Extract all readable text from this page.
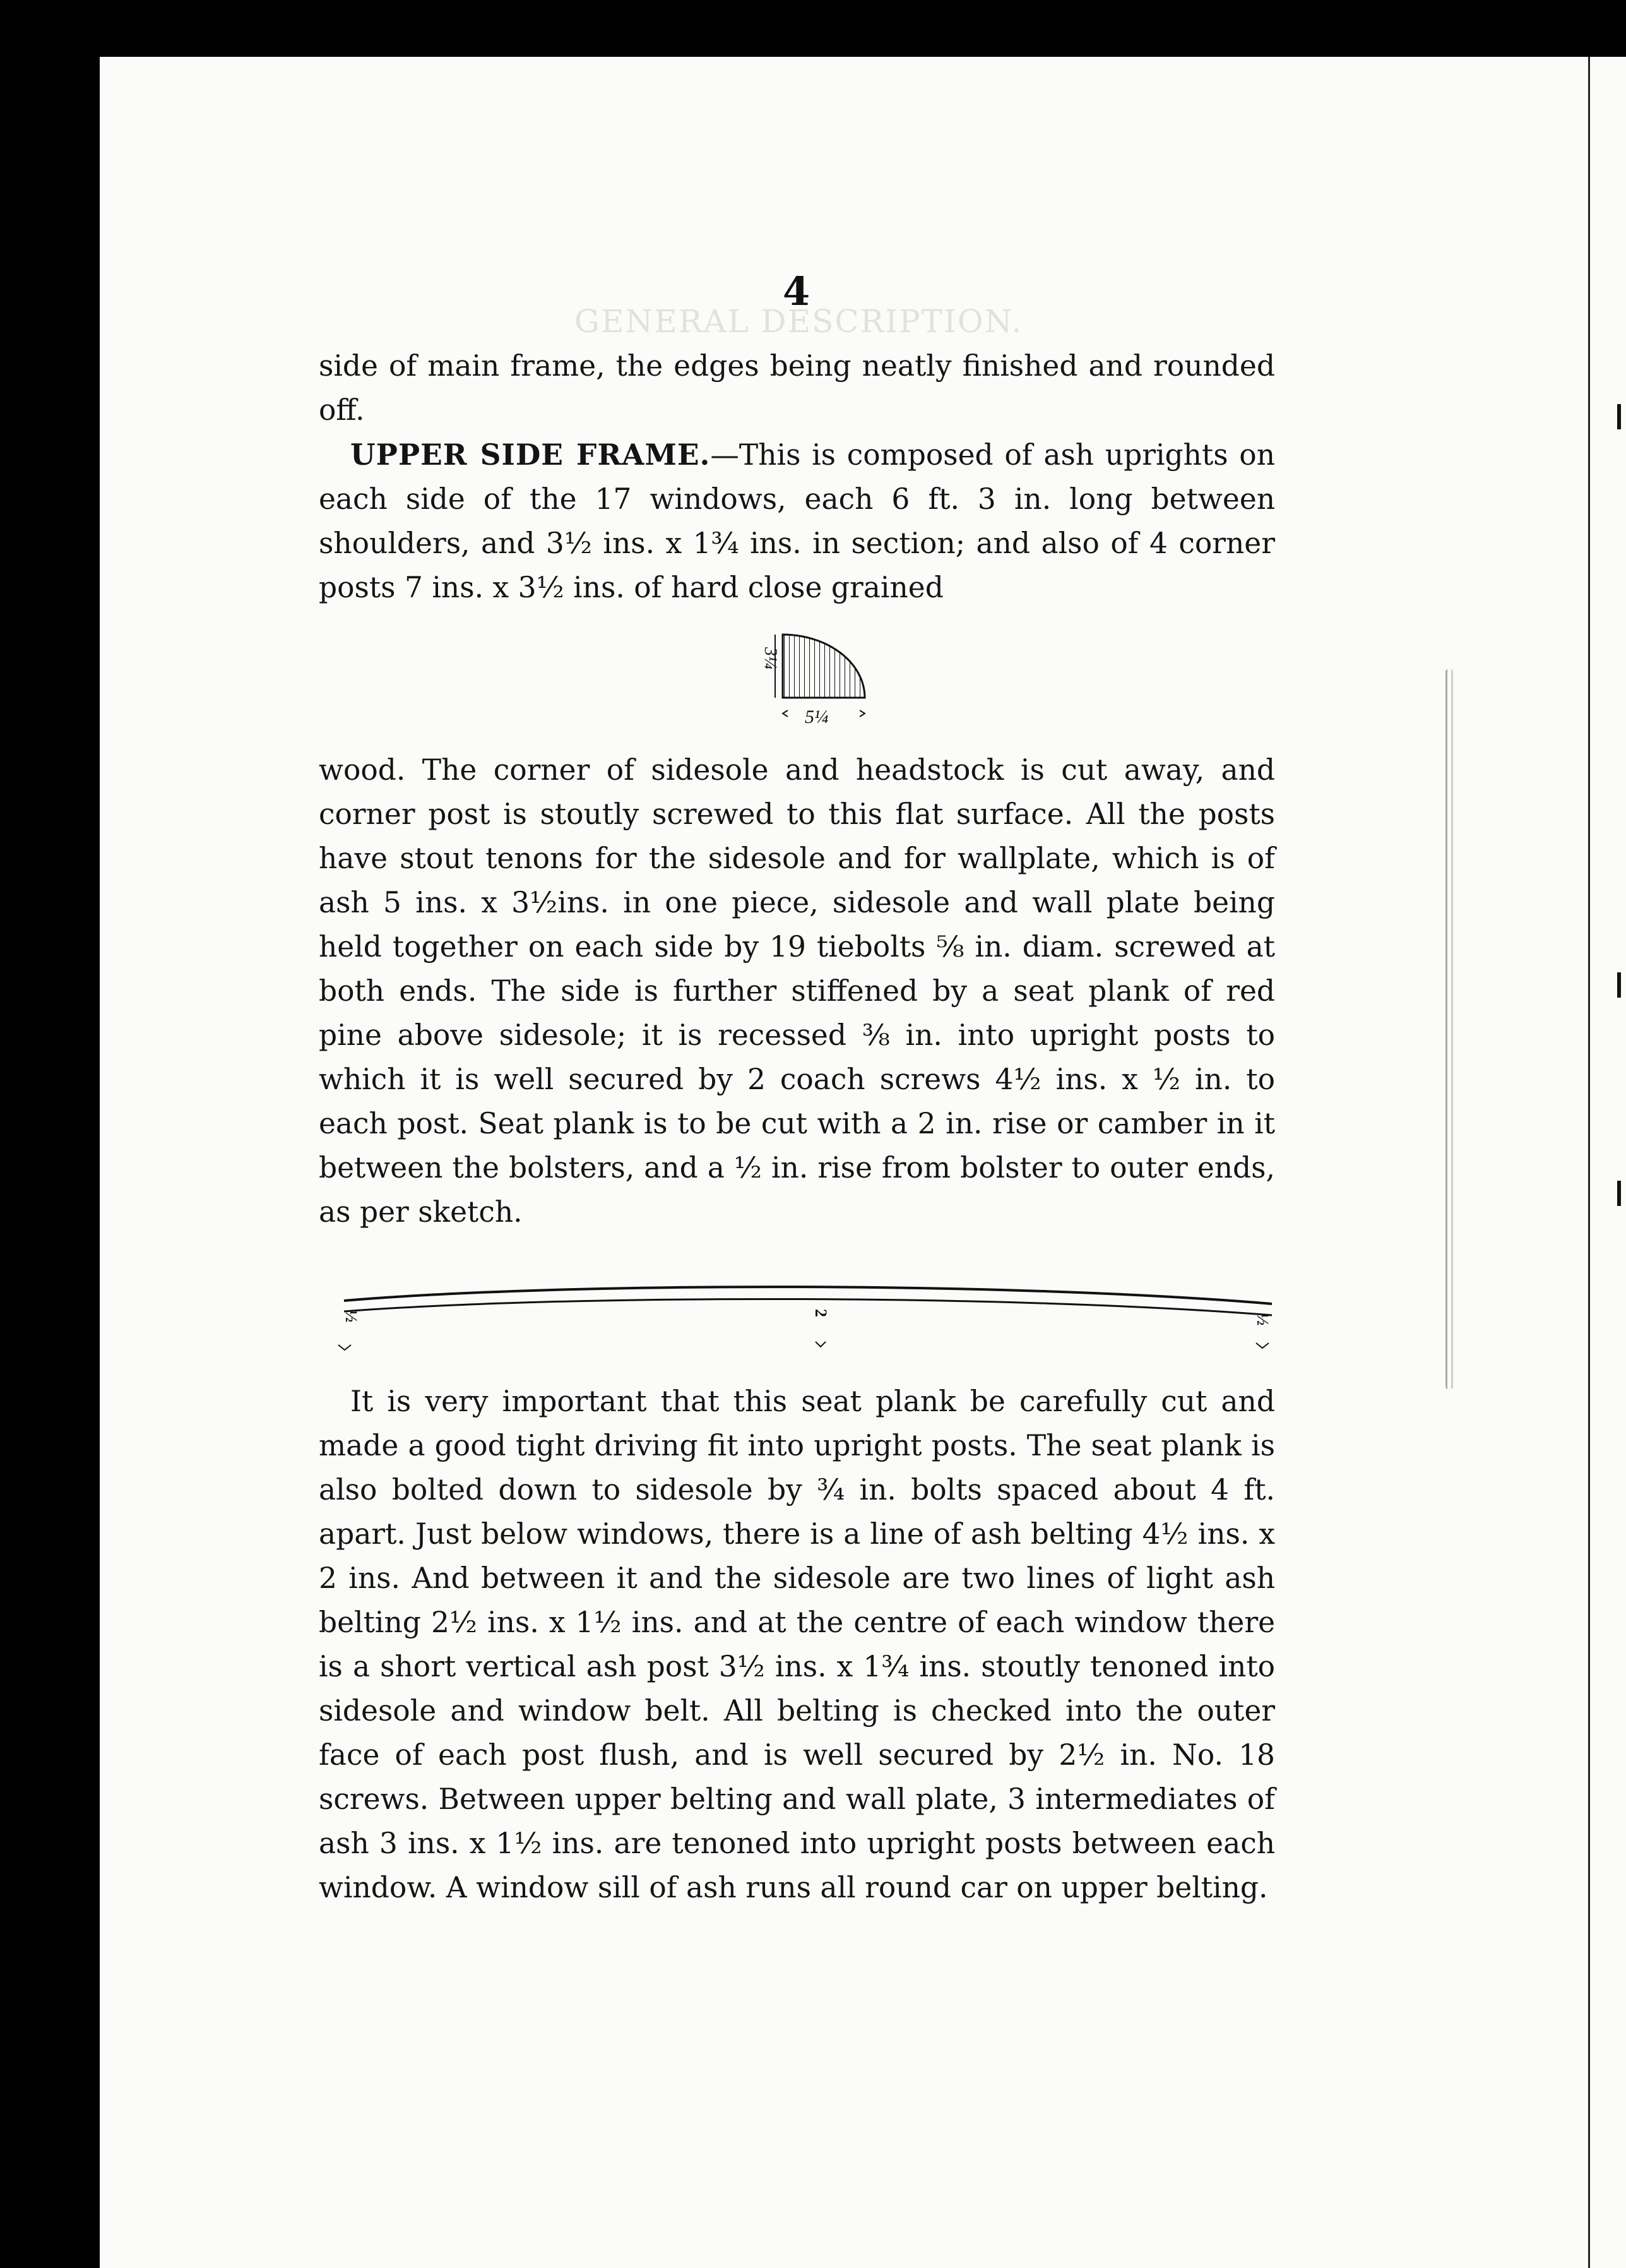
GENERAL DESCRIPTION.
4

side of main frame, the edges being neatly finished and rounded off.

UPPER SIDE FRAME.—This is composed of ash uprights on each side of the 17 windows, each 6 ft. 3 in. long between shoulders, and 3½ ins. x 1¾ ins. in section; and also of 4 corner posts 7 ins. x 3½ ins. of hard close grained

3¼
5¼

wood. The corner of sidesole and headstock is cut away, and corner post is stoutly screwed to this flat surface. All the posts have stout tenons for the sidesole and for wallplate, which is of ash 5 ins. x 3½ins. in one piece, sidesole and wall plate being held together on each side by 19 tiebolts ⅝ in. diam. screwed at both ends. The side is further stiffened by a seat plank of red pine above sidesole; it is recessed ⅜ in. into upright posts to which it is well secured by 2 coach screws 4½ ins. x ½ in. to each post. Seat plank is to be cut with a 2 in. rise or camber in it between the bolsters, and a ½ in. rise from bolster to outer ends, as per sketch.

½	2
½

It is very important that this seat plank be carefully cut and made a good tight driving fit into upright posts. The seat plank is also bolted down to sidesole by ¾ in. bolts spaced about 4 ft. apart. Just below windows, there is a line of ash belting 4½ ins. x 2 ins. And between it and the sidesole are two lines of light ash belting 2½ ins. x 1½ ins. and at the centre of each window there is a short vertical ash post 3½ ins. x 1¾ ins. stoutly tenoned into sidesole and window belt. All belting is checked into the outer face of each post flush, and is well secured by 2½ in. No. 18 screws. Between upper belting and wall plate, 3 intermediates of ash 3 ins. x 1½ ins. are tenoned into upright posts between each window. A window sill of ash runs all round car on upper belting.
